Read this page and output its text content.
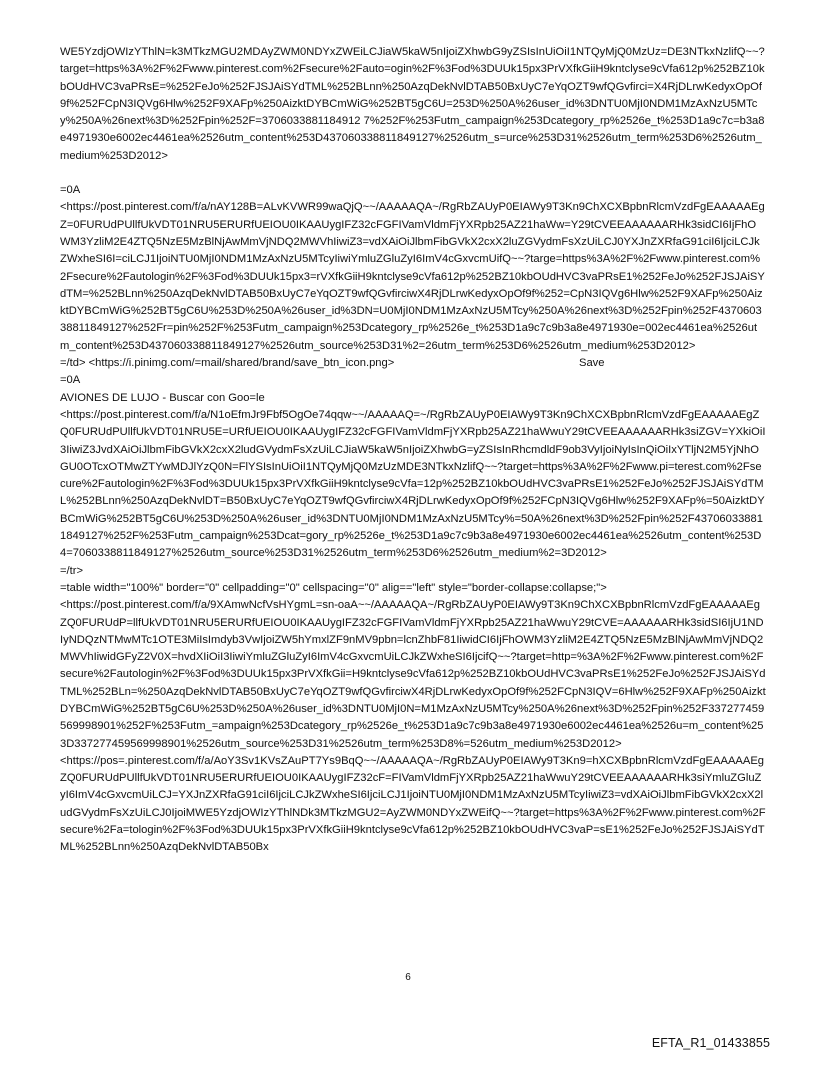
WE5YzdjOWIzYThlN=k3MTkzMGU2MDAyZWM0NDYxZWEiLCJiaW5kaW5nIjoiZXhwbG9yZSIsInUiOiI1NTQyMjQ0MzUz=DE3NTkxNzlifQ~~?target=https%3A%2F%2Fwww.pinterest.com%2Fsecure%2Fauto=ogin%2F%3Fod%3DUUk15px3PrVXfkGiiH9kntclyse9cVfa612p%252BZ10kbOUdHVC3vaPRsE=%252FeJo%252FJSJAiSYdTML%252BLnn%250AzqDekNvlDTAB50BxUyC7eYqOZT9wfQGvfirci=X4RjDLrwKedyxOpOf9f%252FCpN3IQVg6Hlw%252F9XAFp%250AizktDYBCmWiG%252BT5gC6U=253D%250A%26user_id%3DNTU0MjI0NDM1MzAxNzU5MTcy%250A%26next%3D%252Fpin%252F=3706033881184912 7%252F%253Futm_campaign%253Dcategory_rp%2526e_t%253D1a9c7c=b3a8e4971930e6002ec4461ea%2526utm_content%253D437060338811849127%2526utm_s=urce%253D31%2526utm_term%253D6%2526utm_medium%253D2012>

=0A
<https://post.pinterest.com/f/a/nAY128B=ALvKVWR99waQjQ~~/AAAAAQA~/RgRbZAUyP0EIAWy9T3Kn9ChXCXBpbnRlcmVzdFgEAAAAAEgZ=0FURUdPUllfUkVDT01NRU5ERURfUEIOU0IKAAUygIFZ32cFGFIVamVldmFjYXRpb25AZ21haWw=Y29tCVEEAAAAAARHk3sidCI6IjFhOWM3YzliM2E4ZTQ5NzE5MzBlNjAwMmVjNDQ2MWVhIiwiZ3=vdXAiOiJlbmFibGVkX2cxX2luZGVydmFsXzUiLCJ0YXJnZXRfaG91ciI6IjciLCJkZWxheSI6I=ciLCJ1IjoiNTU0MjI0NDM1MzAxNzU5MTcyIiwiYmluZGluZyI6ImV4cGxvcmUifQ~~?targe=https%3A%2F%2Fwww.pinterest.com%2Fsecure%2Fautologin%2F%3Fod%3DUUk15px3=rVXfkGiiH9kntclyse9cVfa612p%252BZ10kbOUdHVC3vaPRsE1%252FeJo%252FJSJAiSYdTM=%252BLnn%250AzqDekNvlDTAB50BxUyC7eYqOZT9wfQGvfirciwX4RjDLrwKedyxOpOf9f%252=CpN3IQVg6Hlw%252F9XAFp%250AizktDYBCmWiG%252BT5gC6U%253D%250A%26user_id%3DN=U0MjI0NDM1MzAxNzU5MTcy%250A%26next%3D%252Fpin%252F437060338811849127%252Fr=pin%252F%253Futm_campaign%253Dcategory_rp%2526e_t%253D1a9c7c9b3a8e4971930e=002ec4461ea%2526utm_content%253D437060338811849127%2526utm_source%253D31%2=26utm_term%253D6%2526utm_medium%253D2012>

=/td> <https://i.pinimg.com/=mail/shared/brand/save_btn_icon.png>	Save

=0A
AVIONES DE LUJO - Buscar con Goo=le
<https://post.pinterest.com/f/a/N1oEfmJr9Fbf5OgOe74qqw~~/AAAAAQ=~/RgRbZAUyP0EIAWy9T3Kn9ChXCXBpbnRlcmVzdFgEAAAAAEgZQ0FURUdPUllfUkVDT01NRU5E=URfUEIOU0IKAAUygIFZ32cFGFIVamVldmFjYXRpb25AZ21haWwuY29tCVEEAAAAAARHk3siZGV=YXkiOiI3IiwiZ3JvdXAiOiJlbmFibGVkX2cxX2ludGVydmFsXzUiLCJiaW5kaW5nIjoiZXhwbG=yZSIsInRhcmdldF9ob3VyIjoiNyIsInQiOiIxYTljN2M5YjNhOGU0OTcxOTMwZTYwMDJlYzQ0N=FlYSIsInUiOiI1NTQyMjQ0MzUzMDE3NTkxNzlifQ~~?target=https%3A%2F%2Fwww.pi=terest.com%2Fsecure%2Fautologin%2F%3Fod%3DUUk15px3PrVXfkGiiH9kntclyse9cVfa=12p%252BZ10kbOUdHVC3vaPRsE1%252FeJo%252FJSJAiSYdTML%252BLnn%250AzqDekNvlDT=B50BxUyC7eYqOZT9wfQGvfirciwX4RjDLrwKedyxOpOf9f%252FCpN3IQVg6Hlw%252F9XAFp%=50AizktDYBCmWiG%252BT5gC6U%253D%250A%26user_id%3DNTU0MjI0NDM1MzAxNzU5MTcy%=50A%26next%3D%252Fpin%252F437060338811849127%252F%253Futm_campaign%253Dcat=gory_rp%2526e_t%253D1a9c7c9b3a8e4971930e6002ec4461ea%2526utm_content%253D4=7060338811849127%2526utm_source%253D31%2526utm_term%253D6%2526utm_medium%2=3D2012>
=/tr>
=table width="100%" border="0" cellpadding="0" cellspacing="0" alig=="left" style="border-collapse:collapse;">
<https://post.pinterest.com/f/a/9XAmwNcfVsHYgmL=sn-oaA~~/AAAAAQA~/RgRbZAUyP0EIAWy9T3Kn9ChXCXBpbnRlcmVzdFgEAAAAAEgZQ0FURUdP=llfUkVDT01NRU5ERURfUEIOU0IKAAUygIFZ32cFGFIVamVldmFjYXRpb25AZ21haWwuY29tCVE=AAAAAARHk3sidSI6IjU1NDIyNDQzNTMwMTc1OTE3MiIsImdyb3VwIjoiZW5hYmxlZF9nMV9pbn=lcnZhbF81IiwidCI6IjFhOWM3YzliM2E4ZTQ5NzE5MzBlNjAwMmVjNDQ2MWVhIiwidGFyZ2V0X=hvdXIiOiI3IiwiYmluZGluZyI6ImV4cGxvcmUiLCJkZWxheSI6IjcifQ~~?target=http=%3A%2F%2Fwww.pinterest.com%2Fsecure%2Fautologin%2F%3Fod%3DUUk15px3PrVXfkGii=H9kntclyse9cVfa612p%252BZ10kbOUdHVC3vaPRsE1%252FeJo%252FJSJAiSYdTML%252BLn=%250AzqDekNvlDTAB50BxUyC7eYqOZT9wfQGvfirciwX4RjDLrwKedyxOpOf9f%252FCpN3IQV=6Hlw%252F9XAFp%250AizktDYBCmWiG%252BT5gC6U%253D%250A%26user_id%3DNTU0MjI0N=M1MzAxNzU5MTcy%250A%26next%3D%252Fpin%252F337277459569998901%252F%253Futm_=ampaign%253Dcategory_rp%2526e_t%253D1a9c7c9b3a8e4971930e6002ec4461ea%2526u=m_content%253D337277459569998901%2526utm_source%253D31%2526utm_term%253D8%=526utm_medium%253D2012>
<https://pos=.pinterest.com/f/a/AoY3Sv1KVsZAuPT7Ys9BqQ~~/AAAAAQA~/RgRbZAUyP0EIAWy9T3Kn9=hXCXBpbnRlcmVzdFgEAAAAAEgZQ0FURUdPUllfUkVDT01NRU5ERURfUEIOU0IKAAUygIFZ32cF=FIVamVldmFjYXRpb25AZ21haWwuY29tCVEEAAAAAARHk3siYmluZGluZyI6ImV4cGxvcmUiLCJ=YXJnZXRfaG91ciI6IjciLCJkZWxheSI6IjciLCJ1IjoiNTU0MjI0NDM1MzAxNzU5MTcyIiwiZ3=vdXAiOiJlbmFibGVkX2cxX2ludGVydmFsXzUiLCJ0IjoiMWE5YzdjOWIzYThlNDk3MTkzMGU2=AyZWM0NDYxZWEifQ~~?target=https%3A%2F%2Fwww.pinterest.com%2Fsecure%2Fa=tologin%2F%3Fod%3DUUk15px3PrVXfkGiiH9kntclyse9cVfa612p%252BZ10kbOUdHVC3vaP=sE1%252FeJo%252FJSJAiSYdTML%252BLnn%250AzqDekNvlDTAB50Bx

6
EFTA_R1_01433855
